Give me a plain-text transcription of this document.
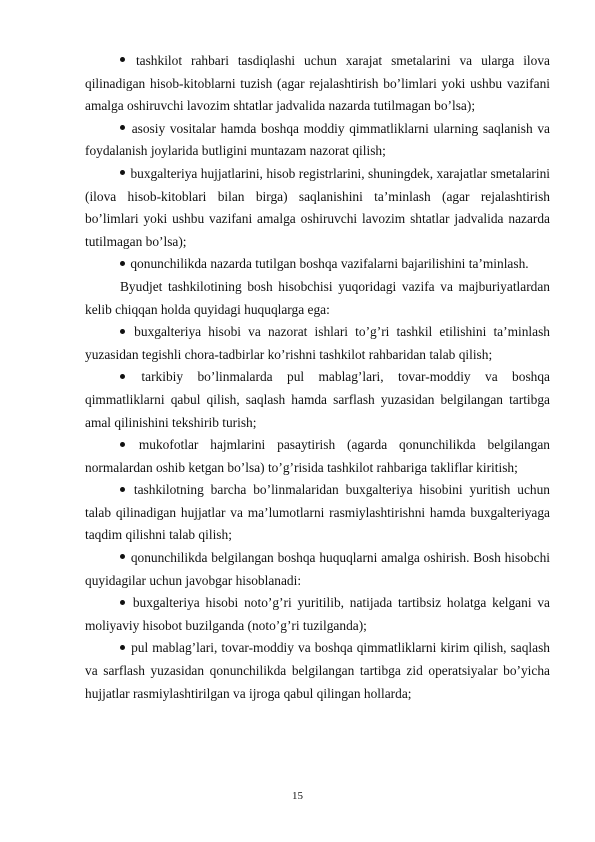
tashkilot rahbari tasdiqlashi uchun xarajat smetalarini va ularga ilova qilinadigan hisob-kitoblarni tuzish (agar rejalashtirish bo’limlari yoki ushbu vazifani amalga oshiruvchi lavozim shtatlar jadvalida nazarda tutilmagan bo’lsa);

asosiy vositalar hamda boshqa moddiy qimmatliklarni ularning saqlanish va foydalanish joylarida butligini muntazam nazorat qilish;

buxgalteriya hujjatlarini, hisob registrlarini, shuningdek, xarajatlar smetalarini (ilova hisob-kitoblari bilan birga) saqlanishini ta’minlash (agar rejalashtirish bo’limlari yoki ushbu vazifani amalga oshiruvchi lavozim shtatlar jadvalida nazarda tutilmagan bo’lsa);

qonunchilikda nazarda tutilgan boshqa vazifalarni bajarilishini ta’minlash.

Byudjet tashkilotining bosh hisobchisi yuqoridagi vazifa va majburiyatlardan kelib chiqqan holda quyidagi huquqlarga ega:

buxgalteriya hisobi va nazorat ishlari to’g’ri tashkil etilishini ta’minlash yuzasidan tegishli chora-tadbirlar ko’rishni tashkilot rahbaridan talab qilish;

tarkibiy bo’linmalarda pul mablag’lari, tovar-moddiy va boshqa qimmatliklarni qabul qilish, saqlash hamda sarflash yuzasidan belgilangan tartibga amal qilinishini tekshirib turish;

mukofotlar hajmlarini pasaytirish (agarda qonunchilikda belgilangan normalardan oshib ketgan bo’lsa) to’g’risida tashkilot rahbariga takliflar kiritish;

tashkilotning barcha bo’linmalaridan buxgalteriya hisobini yuritish uchun talab qilinadigan hujjatlar va ma’lumotlarni rasmiylashtirishni hamda buxgalteriyaga taqdim qilishni talab qilish;

qonunchilikda belgilangan boshqa huquqlarni amalga oshirish. Bosh hisobchi quyidagilar uchun javobgar hisoblanadi:

buxgalteriya hisobi noto’g’ri yuritilib, natijada tartibsiz holatga kelgani va moliyaviy hisobot buzilganda (noto’g’ri tuzilganda);

pul mablag’lari, tovar-moddiy va boshqa qimmatliklarni kirim qilish, saqlash va sarflash yuzasidan qonunchilikda belgilangan tartibga zid operatsiyalar bo’yicha hujjatlar rasmiylashtirilgan va ijroga qabul qilingan hollarda;

15
